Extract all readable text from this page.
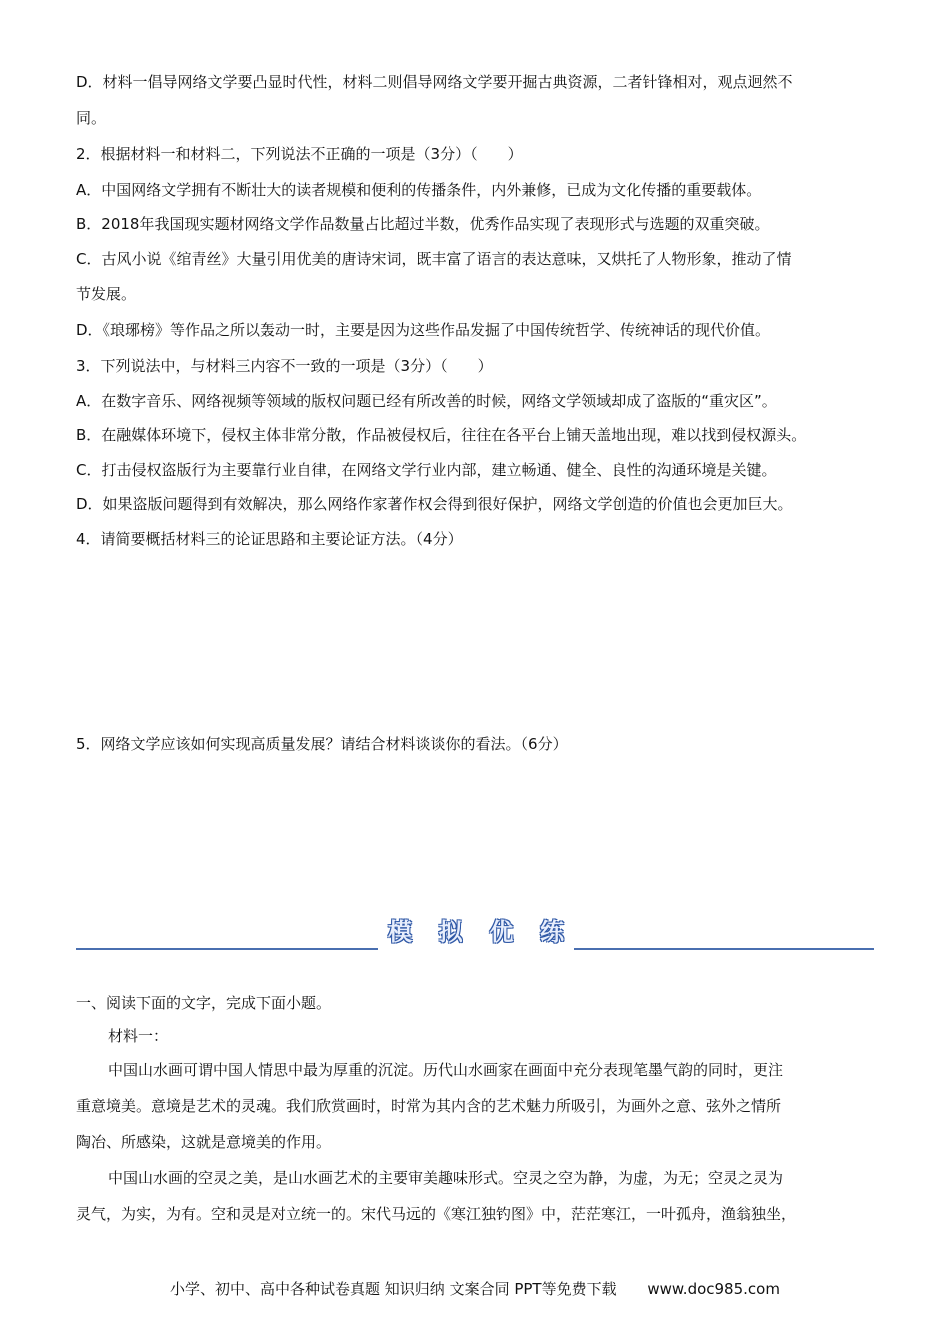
D．材料一倡导网络文学要凸显时代性，材料二则倡导网络文学要开掘古典资源，二者针锋相对，观点迥然不
同。
2．根据材料一和材料二，下列说法不正确的一项是（3分）（　　）
A．中国网络文学拥有不断壮大的读者规模和便利的传播条件，内外兼修，已成为文化传播的重要载体。
B．2018年我国现实题材网络文学作品数量占比超过半数，优秀作品实现了表现形式与选题的双重突破。
C．古风小说《绾青丝》大量引用优美的唐诗宋词，既丰富了语言的表达意味，又烘托了人物形象，推动了情
节发展。
D．《琅琊榜》等作品之所以轰动一时，主要是因为这些作品发掘了中国传统哲学、传统神话的现代价值。
3．下列说法中，与材料三内容不一致的一项是（3分）（　　）
A．在数字音乐、网络视频等领域的版权问题已经有所改善的时候，网络文学领域却成了盗版的“重灾区”。
B．在融媒体环境下，侵权主体非常分散，作品被侵权后，往往在各平台上铺天盖地出现，难以找到侵权源头。
C．打击侵权盗版行为主要靠行业自律，在网络文学行业内部，建立畅通、健全、良性的沟通环境是关键。
D．如果盗版问题得到有效解决，那么网络作家著作权会得到很好保护，网络文学创造的价值也会更加巨大。
4．请简要概括材料三的论证思路和主要论证方法。（4分）
5．网络文学应该如何实现高质量发展？请结合材料谈谈你的看法。（6分）
一、阅读下面的文字，完成下面小题。
材料一：
中国山水画可谓中国人情思中最为厚重的沉淀。历代山水画家在画面中充分表现笔墨气韵的同时，更注
重意境美。意境是艺术的灵魂。我们欣赏画时，时常为其内含的艺术魅力所吸引，为画外之意、弦外之情所
陶冶、所感染，这就是意境美的作用。
中国山水画的空灵之美，是山水画艺术的主要审美趣味形式。空灵之空为静，为虚，为无；空灵之灵为
灵气，为实，为有。空和灵是对立统一的。宋代马远的《寒江独钓图》中，茫茫寒江，一叶孤舟，渔翁独坐，
模 拟 优 练
小学、初中、高中各种试卷真题 知识归纳 文案合同 PPT等免费下载 www.doc985.com
